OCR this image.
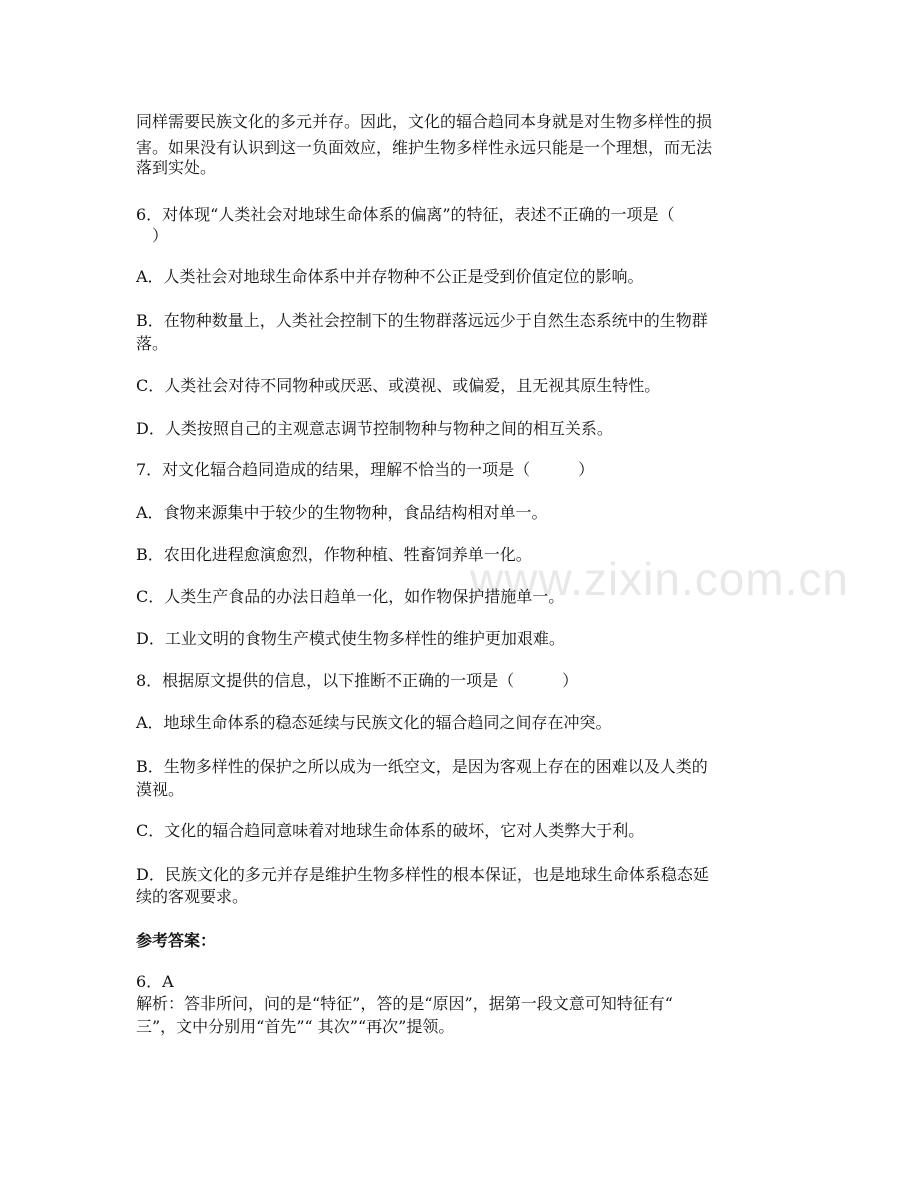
www.zixin.com.cn

同样需要民族文化的多元并存。因此，文化的辐合趋同本身就是对生物多样性的损

害。如果没有认识到这一负面效应，维护生物多样性永远只能是一个理想，而无法

落到实处。

6．对体现“人类社会对地球生命体系的偏离”的特征，表述不正确的一项是（

　）

A．人类社会对地球生命体系中并存物种不公正是受到价值定位的影响。

B．在物种数量上，人类社会控制下的生物群落远远少于自然生态系统中的生物群

落。

C．人类社会对待不同物种或厌恶、或漠视、或偏爱，且无视其原生特性。

D．人类按照自己的主观意志调节控制物种与物种之间的相互关系。

7．对文化辐合趋同造成的结果，理解不恰当的一项是（　　　）

A．食物来源集中于较少的生物物种，食品结构相对单一。

B．农田化进程愈演愈烈，作物种植、牲畜饲养单一化。

C．人类生产食品的办法日趋单一化，如作物保护措施单一。

D．工业文明的食物生产模式使生物多样性的维护更加艰难。

8．根据原文提供的信息，以下推断不正确的一项是（　　　）

A．地球生命体系的稳态延续与民族文化的辐合趋同之间存在冲突。

B．生物多样性的保护之所以成为一纸空文，是因为客观上存在的困难以及人类的

漠视。

C．文化的辐合趋同意味着对地球生命体系的破坏，它对人类弊大于利。

D．民族文化的多元并存是维护生物多样性的根本保证，也是地球生命体系稳态延

续的客观要求。

参考答案：

6．A

解析：答非所问，问的是“特征”，答的是“原因”，据第一段文意可知特征有“

三”，文中分别用“首先”“ 其次”“再次”提领。
